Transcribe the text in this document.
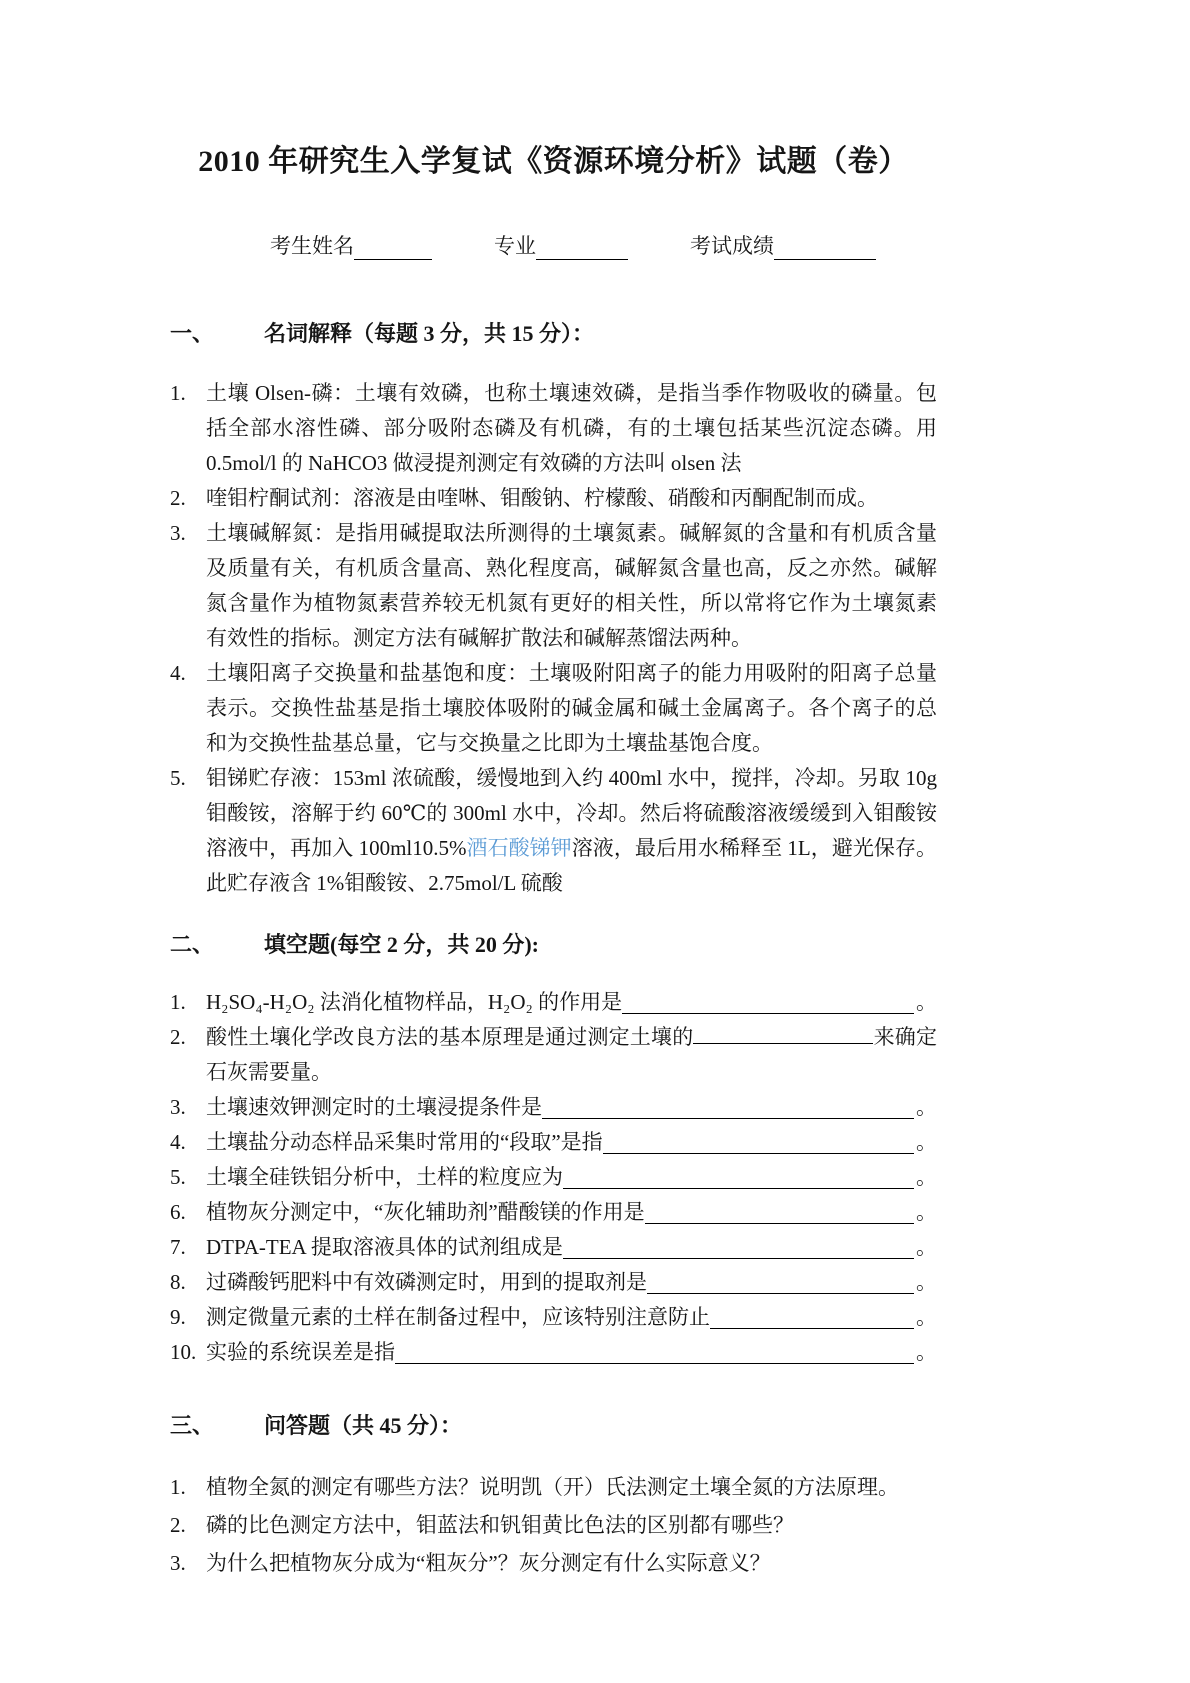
2010 年研究生入学复试《资源环境分析》试题（卷）
考生姓名	专业	考试成绩
一、	名词解释（每题 3 分，共 15 分）：
1. 土壤 Olsen-磷：土壤有效磷，也称土壤速效磷，是指当季作物吸收的磷量。包括全部水溶性磷、部分吸附态磷及有机磷，有的土壤包括某些沉淀态磷。用 0.5mol/l 的 NaHCO3 做浸提剂测定有效磷的方法叫 olsen 法
2. 喹钼柠酮试剂：溶液是由喹啉、钼酸钠、柠檬酸、硝酸和丙酮配制而成。
3. 土壤碱解氮：是指用碱提取法所测得的土壤氮素。碱解氮的含量和有机质含量及质量有关，有机质含量高、熟化程度高，碱解氮含量也高，反之亦然。碱解氮含量作为植物氮素营养较无机氮有更好的相关性，所以常将它作为土壤氮素有效性的指标。测定方法有碱解扩散法和碱解蒸馏法两种。
4. 土壤阳离子交换量和盐基饱和度：土壤吸附阳离子的能力用吸附的阳离子总量表示。交换性盐基是指土壤胶体吸附的碱金属和碱土金属离子。各个离子的总和为交换性盐基总量，它与交换量之比即为土壤盐基饱合度。
5. 钼锑贮存液：153ml 浓硫酸，缓慢地到入约 400ml 水中，搅拌，冷却。另取 10g 钼酸铵，溶解于约 60℃的 300ml 水中，冷却。然后将硫酸溶液缓缓到入钼酸铵溶液中，再加入 100ml10.5%酒石酸锑钾溶液，最后用水稀释至 1L，避光保存。此贮存液含 1%钼酸铵、2.75mol/L 硫酸
二、	填空题(每空 2 分，共 20 分):
1. H₂SO₄-H₂O₂ 法消化植物样品，H₂O₂ 的作用是	。
2. 酸性土壤化学改良方法的基本原理是通过测定土壤的	来确定石灰需要量。
3. 土壤速效钾测定时的土壤浸提条件是	。
4. 土壤盐分动态样品采集时常用的“段取”是指	。
5. 土壤全硅铁铝分析中，土样的粒度应为	。
6. 植物灰分测定中，“灰化辅助剂”醋酸镁的作用是	。
7. DTPA-TEA 提取溶液具体的试剂组成是	。
8. 过磷酸钙肥料中有效磷测定时，用到的提取剂是	。
9. 测定微量元素的土样在制备过程中，应该特别注意防止	。
10. 实验的系统误差是指	。
三、	问答题（共 45 分）：
1. 植物全氮的测定有哪些方法？说明凯（开）氏法测定土壤全氮的方法原理。
2. 磷的比色测定方法中，钼蓝法和钒钼黄比色法的区别都有哪些？
3. 为什么把植物灰分成为“粗灰分”？灰分测定有什么实际意义？
